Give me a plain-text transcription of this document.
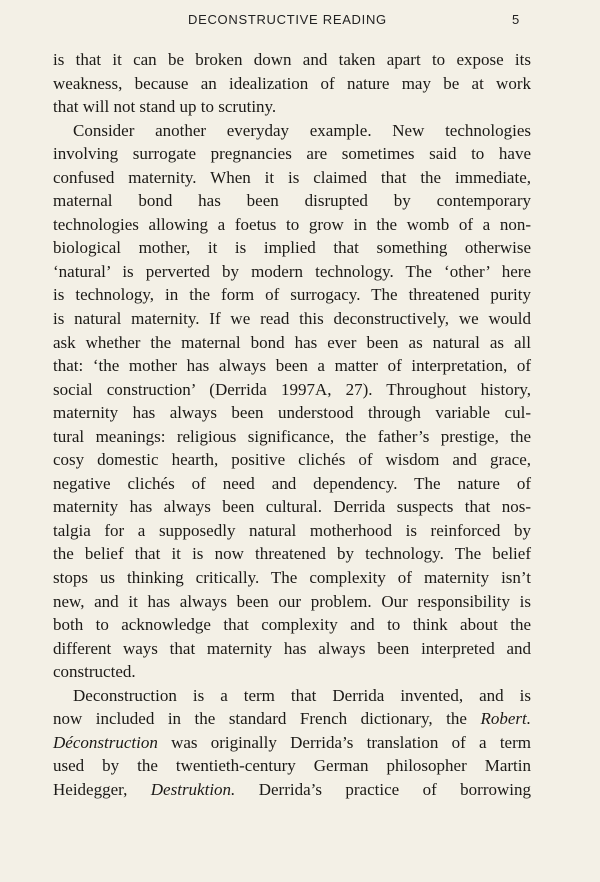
DECONSTRUCTIVE READING	5
is that it can be broken down and taken apart to expose its
weakness, because an idealization of nature may be at work
that will not stand up to scrutiny.
Consider another everyday example. New technologies
involving surrogate pregnancies are sometimes said to have
confused maternity. When it is claimed that the immediate,
maternal bond has been disrupted by contemporary
technologies allowing a foetus to grow in the womb of a non-
biological mother, it is implied that something otherwise
‘natural’ is perverted by modern technology. The ‘other’ here
is technology, in the form of surrogacy. The threatened purity
is natural maternity. If we read this deconstructively, we would
ask whether the maternal bond has ever been as natural as all
that: ‘the mother has always been a matter of interpretation, of
social construction’ (Derrida 1997A, 27). Throughout history,
maternity has always been understood through variable cul-
tural meanings: religious significance, the father’s prestige, the
cosy domestic hearth, positive clichés of wisdom and grace,
negative clichés of need and dependency. The nature of
maternity has always been cultural. Derrida suspects that nos-
talgia for a supposedly natural motherhood is reinforced by
the belief that it is now threatened by technology. The belief
stops us thinking critically. The complexity of maternity isn’t
new, and it has always been our problem. Our responsibility is
both to acknowledge that complexity and to think about the
different ways that maternity has always been interpreted and
constructed.
Deconstruction is a term that Derrida invented, and is
now included in the standard French dictionary, the Robert.
Déconstruction was originally Derrida’s translation of a term
used by the twentieth-century German philosopher Martin
Heidegger, Destruktion. Derrida’s practice of borrowing
